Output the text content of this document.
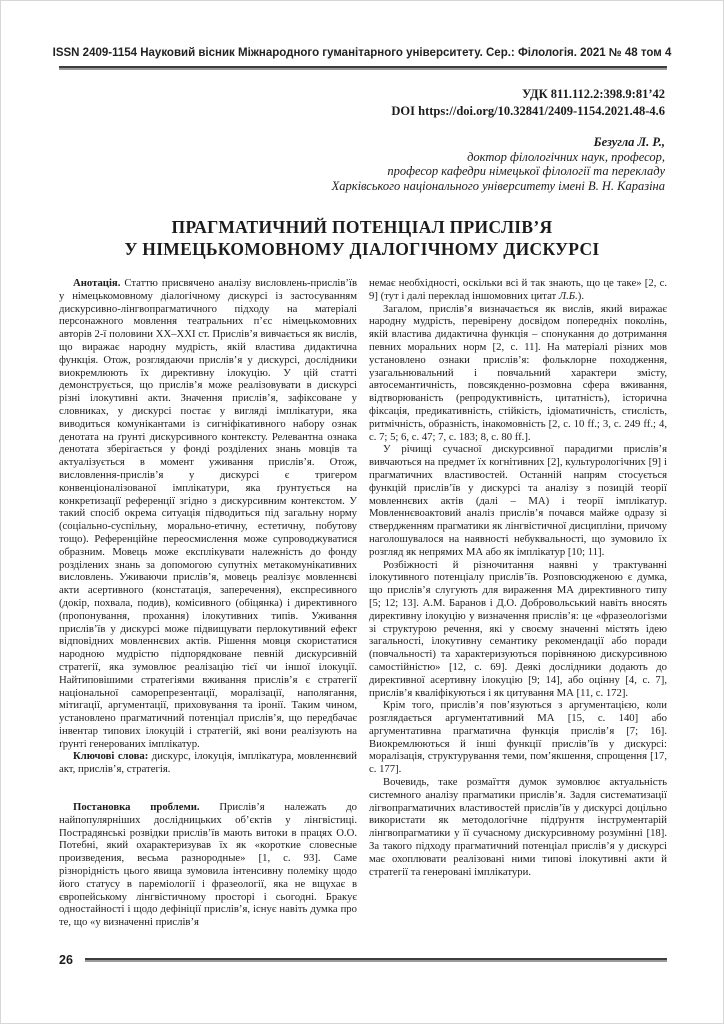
ISSN 2409-1154 Науковий вісник Міжнародного гуманітарного університету. Сер.: Філологія. 2021 № 48 том 4
УДК 811.112.2:398.9:81’42
DOI https://doi.org/10.32841/2409-1154.2021.48-4.6
Безугла Л. Р.,
доктор філологічних наук, професор,
професор кафедри німецької філології та перекладу
Харківського національного університету імені В. Н. Каразіна
ПРАГМАТИЧНИЙ ПОТЕНЦІАЛ ПРИСЛІВ’Я
У НІМЕЦЬКОМОВНОМУ ДІАЛОГІЧНОМУ ДИСКУРСІ

Анотація. Статтю присвячено аналізу висловлень-прислів’їв у німецькомовному діалогічному дискурсі із застосуванням дискурсивно-лінгвопрагматичного підходу на матеріалі персонажного мовлення театральних п’єс німецькомовних авторів 2-ї половини XX–XXI ст. Прислів’я вивчається як вислів, що виражає народну мудрість, якій властива дидактична функція. Отож, розглядаючи прислів’я у дискурсі, дослідники виокремлюють їх директивну ілокуцію. У цій статті демонструється, що прислів’я може реалізовувати в дискурсі різні ілокутивні акти. Значення прислів’я, зафіксоване у словниках, у дискурсі постає у вигляді імплікатури, яка виводиться комунікантами із сигніфікативного набору ознак денотата на ґрунті дискурсивного контексту. Релевантна ознака денотата зберігається у фонді розділених знань мовців та актуалізується в момент уживання прислів’я. Отож, висловлення-прислів’я у дискурсі є тригером конвенціоналізованої імплікатури, яка ґрунтується на конкретизації референції згідно з дискурсивним контекстом. У такий спосіб окрема ситуація підводиться під загальну норму (соціально-суспільну, морально-етичну, естетичну, побутову тощо). Референційне переосмислення може супроводжуватися образним. Мовець може експлікувати належність до фонду розділених знань за допомогою супутніх метакомунікативних висловлень. Уживаючи прислів’я, мовець реалізує мовленнєві акти асертивного (констатація, заперечення), експресивного (докір, похвала, подив), комісивного (обіцянка) і директивного (пропонування, прохання) ілокутивних типів. Уживання прислів’їв у дискурсі може підвищувати перлокутивний ефект відповідних мовленнєвих актів. Рішення мовця скористатися народною мудрістю підпорядковане певній дискурсивній стратегії, яка зумовлює реалізацію тієї чи іншої ілокуції. Найтиповішими стратегіями вживання прислів’я є стратегії національної саморепрезентації, моралізації, наполягання, мітигації, аргументації, приховування та іронії. Таким чином, установлено прагматичний потенціал прислів’я, що передбачає інвентар типових ілокуцій і стратегій, які вони реалізують на ґрунті генерованих імплікатур.

Ключові слова: дискурс, ілокуція, імплікатура, мовленнєвий акт, прислів’я, стратегія.

Постановка проблеми. Прислів’я належать до найпопулярніших дослідницьких об’єктів у лінгвістиці. Пострадянські розвідки прислів’їв мають витоки в працях О.О. Потебні, який охарактеризував їх як «короткие словесные произведения, весьма разнородные» [1, с. 93]. Саме різнорідність цього явища зумовила інтенсивну полеміку щодо його статусу в пареміології і фразеології, яка не вщухає в європейському лінгвістичному просторі і сьогодні. Бракує одностайності і щодо дефініції прислів’я, існує навіть думка про те, що «у визначенні прислів’я

немає необхідності, оскільки всі й так знають, що це таке» [2, с. 9] (тут і далі переклад іншомовних цитат Л.Б.).

Загалом, прислів’я визначається як вислів, який виражає народну мудрість, перевірену досвідом попередніх поколінь, якій властива дидактична функція – спонукання до дотримання певних моральних норм [2, с. 11]. На матеріалі різних мов установлено ознаки прислів’я: фольклорне походження, узагальнювальний і повчальний характери змісту, автосемантичність, повсякденно-розмовна сфера вживання, відтворюваність (репродуктивність, цитатність), історична фіксація, предикативність, стійкість, ідіоматичність, стислість, ритмічність, образність, інакомовність [2, с. 10 ff.; 3, с. 249 ff.; 4, с. 7; 5; 6, с. 47; 7, с. 183; 8, с. 80 ff.].

У річищі сучасної дискурсивної парадигми прислів’я вивчаються на предмет їх когнітивних [2], культурологічних [9] і прагматичних властивостей. Останній напрям стосується функцій прислів’їв у дискурсі та аналізу з позицій теорії мовленнєвих актів (далі – МА) і теорії імплікатур. Мовленнєвоактовий аналіз прислів’я почався майже одразу зі ствердженням прагматики як лінгвістичної дисципліни, причому наголошувалося на наявності небуквальності, що зумовило їх розгляд як непрямих МА або як імплікатур [10; 11].

Розбіжності й різночитання наявні у трактуванні ілокутивного потенціалу прислів’їв. Розповсюдженою є думка, що прислів’я слугують для вираження МА директивного типу [5; 12; 13]. А.М. Баранов і Д.О. Добровольський навіть вносять директивну ілокуцію у визначення прислів’я: це «фразеологізми зі структурою речення, які у своєму значенні містять ідею загальності, ілокутивну семантику рекомендації або поради (повчальності) та характеризуються порівняною дискурсивною самостійністю» [12, с. 69]. Деякі дослідники додають до директивної асертивну ілокуцію [9; 14], або оцінну [4, с. 7], прислів’я кваліфікуються і як цитування МА [11, с. 172].

Крім того, прислів’я пов’язуються з аргументацією, коли розглядається аргументативний МА [15, с. 140] або аргументативна прагматична функція прислів’я [7; 16]. Виокремлюються й інші функції прислів’їв у дискурсі: моралізація, структурування теми, пом’якшення, спрощення [17, с. 177].

Вочевидь, таке розмаїття думок зумовлює актуальність системного аналізу прагматики прислів’я. Задля систематизації лігвопрагматичних властивостей прислів’їв у дискурсі доцільно використати як методологічне підґрунтя інструментарій лінгвопрагматики у її сучасному дискурсивному розумінні [18]. За такого підходу прагматичний потенціал прислів’я у дискурсі має охоплювати реалізовані ними типові ілокутивні акти й стратегії та генеровані імплікатури.

26
